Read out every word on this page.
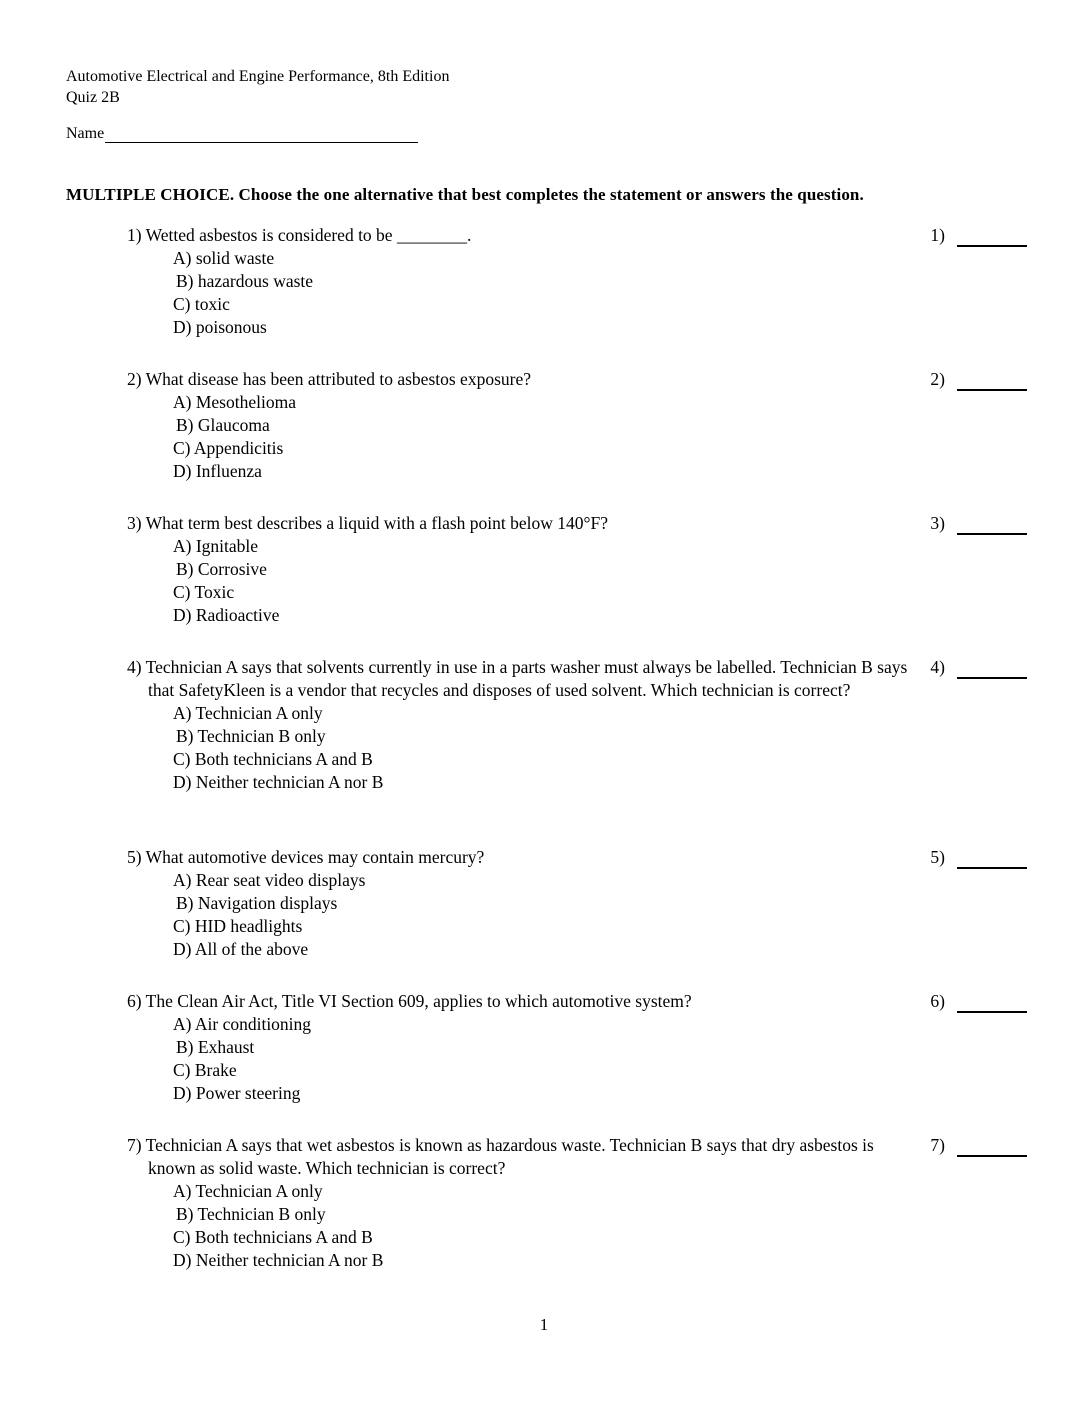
Automotive Electrical and Engine Performance, 8th Edition
Quiz 2B
Name
MULTIPLE CHOICE. Choose the one alternative that best completes the statement or answers the question.
1) Wetted asbestos is considered to be ________.
A) solid waste
B) hazardous waste
C) toxic
D) poisonous
1)
2) What disease has been attributed to asbestos exposure?
A) Mesothelioma
B) Glaucoma
C) Appendicitis
D) Influenza
2)
3) What term best describes a liquid with a flash point below 140°F?
A) Ignitable
B) Corrosive
C) Toxic
D) Radioactive
3)
4) Technician A says that solvents currently in use in a parts washer must always be labelled. Technician B says that SafetyKleen is a vendor that recycles and disposes of used solvent. Which technician is correct?
A) Technician A only
B) Technician B only
C) Both technicians A and B
D) Neither technician A nor B
4)
5) What automotive devices may contain mercury?
A) Rear seat video displays
B) Navigation displays
C) HID headlights
D) All of the above
5)
6) The Clean Air Act, Title VI Section 609, applies to which automotive system?
A) Air conditioning
B) Exhaust
C) Brake
D) Power steering
6)
7) Technician A says that wet asbestos is known as hazardous waste. Technician B says that dry asbestos is known as solid waste. Which technician is correct?
A) Technician A only
B) Technician B only
C) Both technicians A and B
D) Neither technician A nor B
7)
1
